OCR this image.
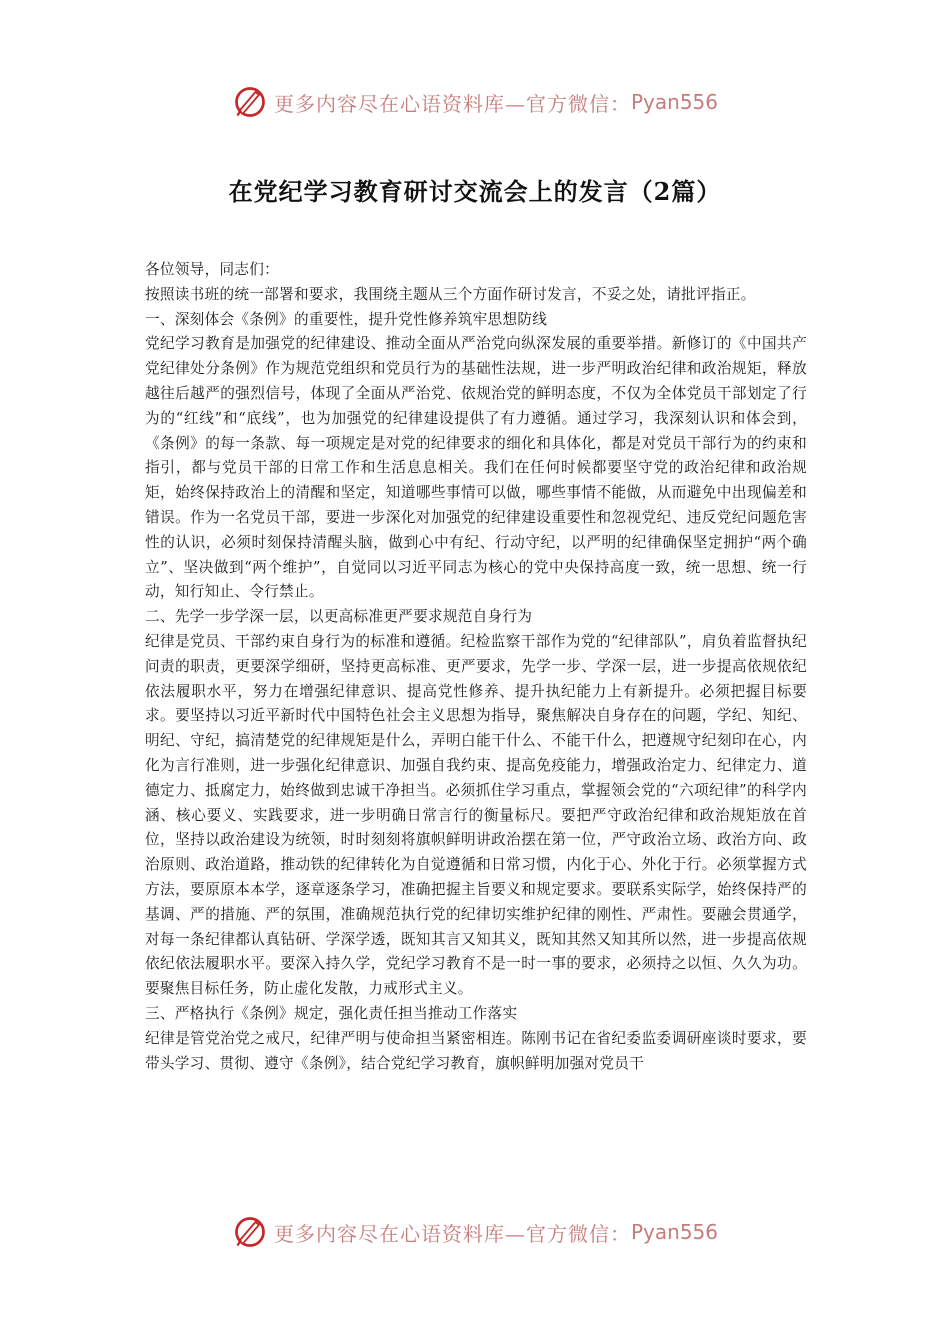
更多内容尽在心语资料库—官方微信： Pyan556
在党纪学习教育研讨交流会上的发言（2篇）

各位领导，同志们：

按照读书班的统一部署和要求，我围绕主题从三个方面作研讨发言，不妥之处，请批评指正。

一、深刻体会《条例》的重要性，提升党性修养筑牢思想防线

党纪学习教育是加强党的纪律建设、推动全面从严治党向纵深发展的重要举措。新修订的《中国共产党纪律处分条例》作为规范党组织和党员行为的基础性法规，进一步严明政治纪律和政治规矩，释放越往后越严的强烈信号，体现了全面从严治党、依规治党的鲜明态度，不仅为全体党员干部划定了行为的“红线”和“底线”，也为加强党的纪律建设提供了有力遵循。通过学习，我深刻认识和体会到，《条例》的每一条款、每一项规定是对党的纪律要求的细化和具体化，都是对党员干部行为的约束和指引，都与党员干部的日常工作和生活息息相关。我们在任何时候都要坚守党的政治纪律和政治规矩，始终保持政治上的清醒和坚定，知道哪些事情可以做，哪些事情不能做，从而避免中出现偏差和错误。作为一名党员干部，要进一步深化对加强党的纪律建设重要性和忽视党纪、违反党纪问题危害性的认识，必须时刻保持清醒头脑，做到心中有纪、行动守纪，以严明的纪律确保坚定拥护“两个确立”、坚决做到“两个维护”，自觉同以习近平同志为核心的党中央保持高度一致，统一思想、统一行动，知行知止、令行禁止。

二、先学一步学深一层，以更高标准更严要求规范自身行为

纪律是党员、干部约束自身行为的标准和遵循。纪检监察干部作为党的“纪律部队”，肩负着监督执纪问责的职责，更要深学细研，坚持更高标准、更严要求，先学一步、学深一层，进一步提高依规依纪依法履职水平，努力在增强纪律意识、提高党性修养、提升执纪能力上有新提升。必须把握目标要求。要坚持以习近平新时代中国特色社会主义思想为指导，聚焦解决自身存在的问题，学纪、知纪、明纪、守纪，搞清楚党的纪律规矩是什么，弄明白能干什么、不能干什么，把遵规守纪刻印在心，内化为言行准则，进一步强化纪律意识、加强自我约束、提高免疫能力，增强政治定力、纪律定力、道德定力、抵腐定力，始终做到忠诚干净担当。必须抓住学习重点，掌握领会党的“六项纪律”的科学内涵、核心要义、实践要求，进一步明确日常言行的衡量标尺。要把严守政治纪律和政治规矩放在首位，坚持以政治建设为统领，时时刻刻将旗帜鲜明讲政治摆在第一位，严守政治立场、政治方向、政治原则、政治道路，推动铁的纪律转化为自觉遵循和日常习惯，内化于心、外化于行。必须掌握方式方法，要原原本本学，逐章逐条学习，准确把握主旨要义和规定要求。要联系实际学，始终保持严的基调、严的措施、严的氛围，准确规范执行党的纪律切实维护纪律的刚性、严肃性。要融会贯通学，对每一条纪律都认真钻研、学深学透，既知其言又知其义，既知其然又知其所以然，进一步提高依规依纪依法履职水平。要深入持久学，党纪学习教育不是一时一事的要求，必须持之以恒、久久为功。要聚焦目标任务，防止虚化发散，力戒形式主义。

三、严格执行《条例》规定，强化责任担当推动工作落实

纪律是管党治党之戒尺，纪律严明与使命担当紧密相连。陈刚书记在省纪委监委调研座谈时要求，要带头学习、贯彻、遵守《条例》，结合党纪学习教育，旗帜鲜明加强对党员干

更多内容尽在心语资料库—官方微信： Pyan556
